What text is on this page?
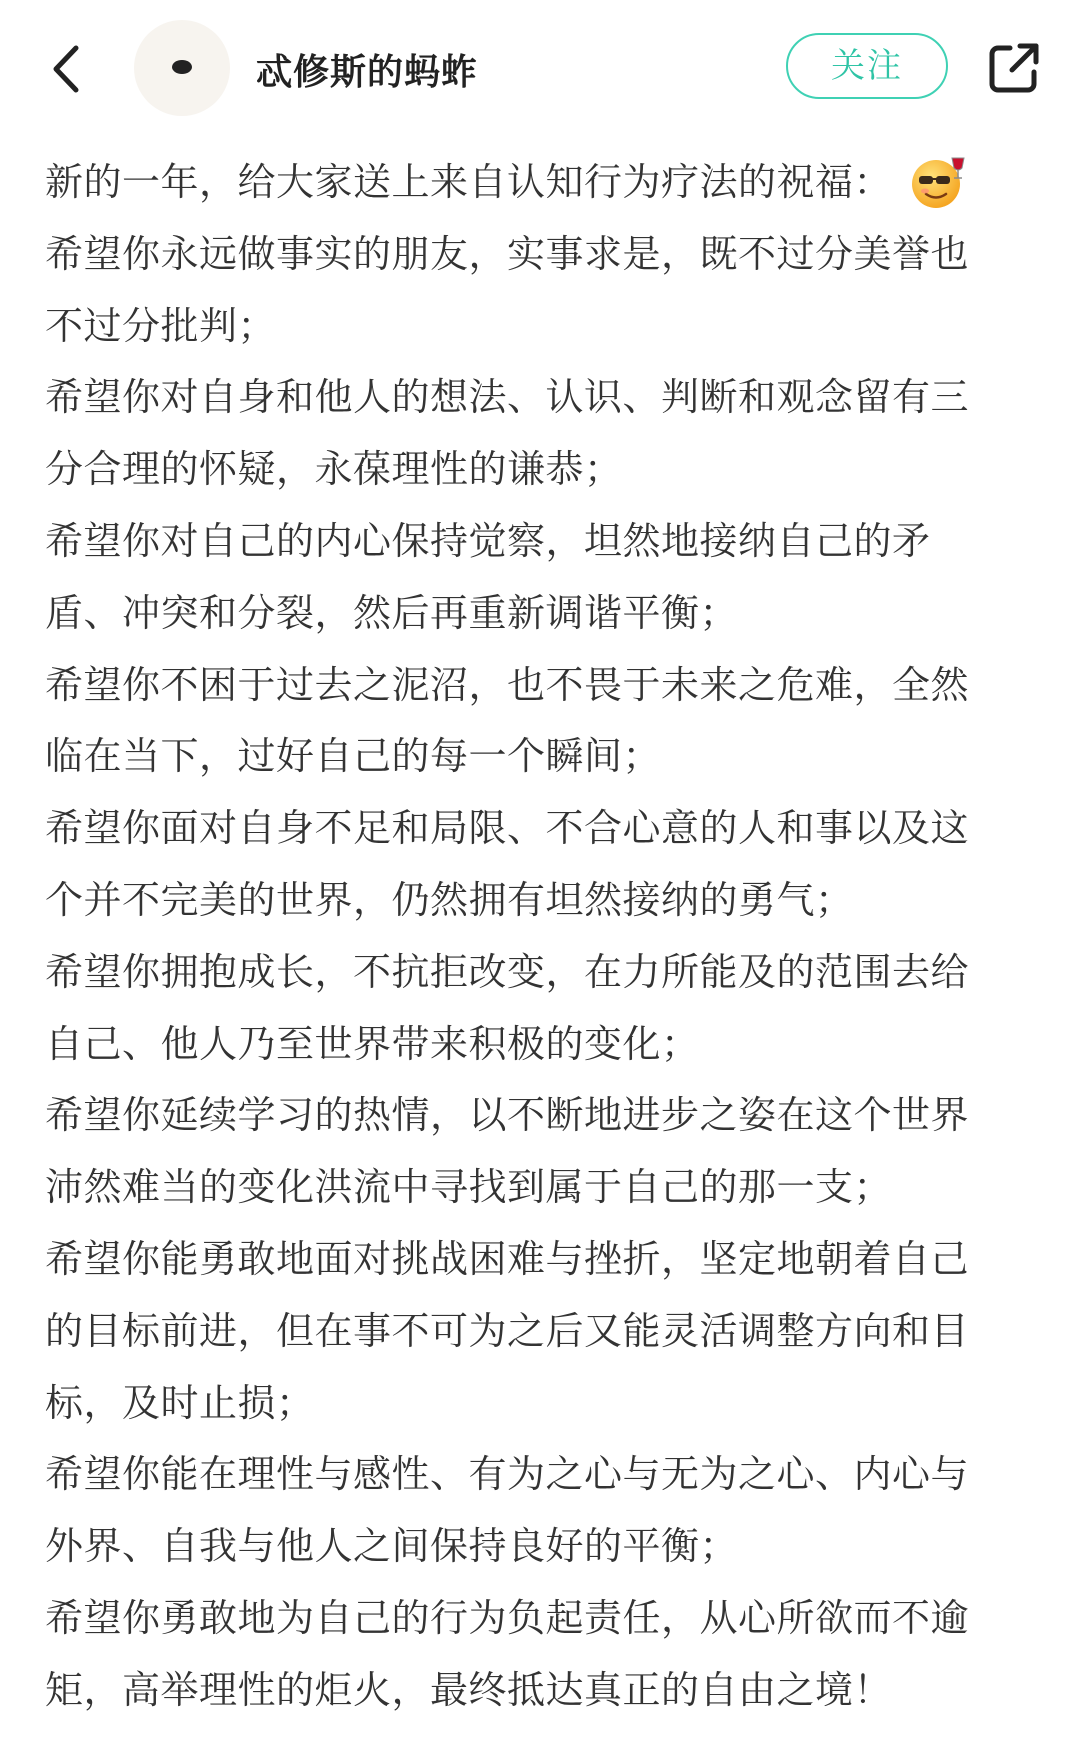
忒修斯的蚂蚱	关注
新的一年，给大家送上来自认知行为疗法的祝福：
希望你永远做事实的朋友，实事求是，既不过分美誉也
不过分批判；
希望你对自身和他人的想法、认识、判断和观念留有三
分合理的怀疑，永葆理性的谦恭；
希望你对自己的内心保持觉察，坦然地接纳自己的矛
盾、冲突和分裂，然后再重新调谐平衡；
希望你不困于过去之泥沼，也不畏于未来之危难，全然
临在当下，过好自己的每一个瞬间；
希望你面对自身不足和局限、不合心意的人和事以及这
个并不完美的世界，仍然拥有坦然接纳的勇气；
希望你拥抱成长，不抗拒改变，在力所能及的范围去给
自己、他人乃至世界带来积极的变化；
希望你延续学习的热情，以不断地进步之姿在这个世界
沛然难当的变化洪流中寻找到属于自己的那一支；
希望你能勇敢地面对挑战困难与挫折，坚定地朝着自己
的目标前进，但在事不可为之后又能灵活调整方向和目
标，及时止损；
希望你能在理性与感性、有为之心与无为之心、内心与
外界、自我与他人之间保持良好的平衡；
希望你勇敢地为自己的行为负起责任，从心所欲而不逾
矩，高举理性的炬火，最终抵达真正的自由之境！
